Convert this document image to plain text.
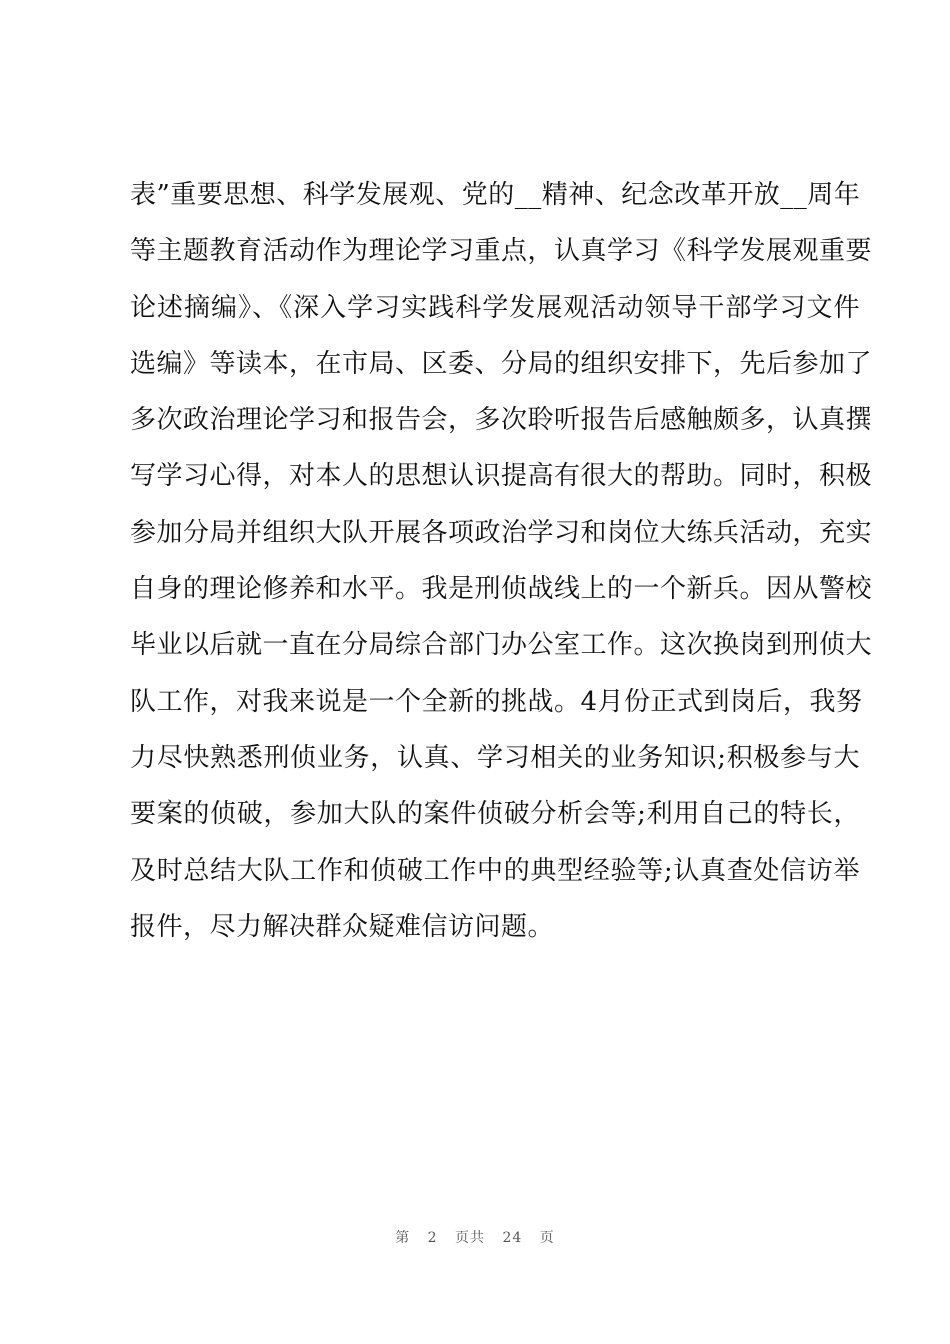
表”重要思想、科学发展观、党的__精神、纪念改革开放__周年
等主题教育活动作为理论学习重点，认真学习《科学发展观重要
论述摘编》、《深入学习实践科学发展观活动领导干部学习文件
选编》等读本，在市局、区委、分局的组织安排下，先后参加了
多次政治理论学习和报告会，多次聆听报告后感触颇多，认真撰
写学习心得，对本人的思想认识提高有很大的帮助。同时，积极
参加分局并组织大队开展各项政治学习和岗位大练兵活动，充实
自身的理论修养和水平。我是刑侦战线上的一个新兵。因从警校
毕业以后就一直在分局综合部门办公室工作。这次换岗到刑侦大
队工作，对我来说是一个全新的挑战。4月份正式到岗后，我努
力尽快熟悉刑侦业务，认真、学习相关的业务知识;积极参与大
要案的侦破，参加大队的案件侦破分析会等;利用自己的特长，
及时总结大队工作和侦破工作中的典型经验等;认真查处信访举
报件，尽力解决群众疑难信访问题。
第 2 页共 24 页
